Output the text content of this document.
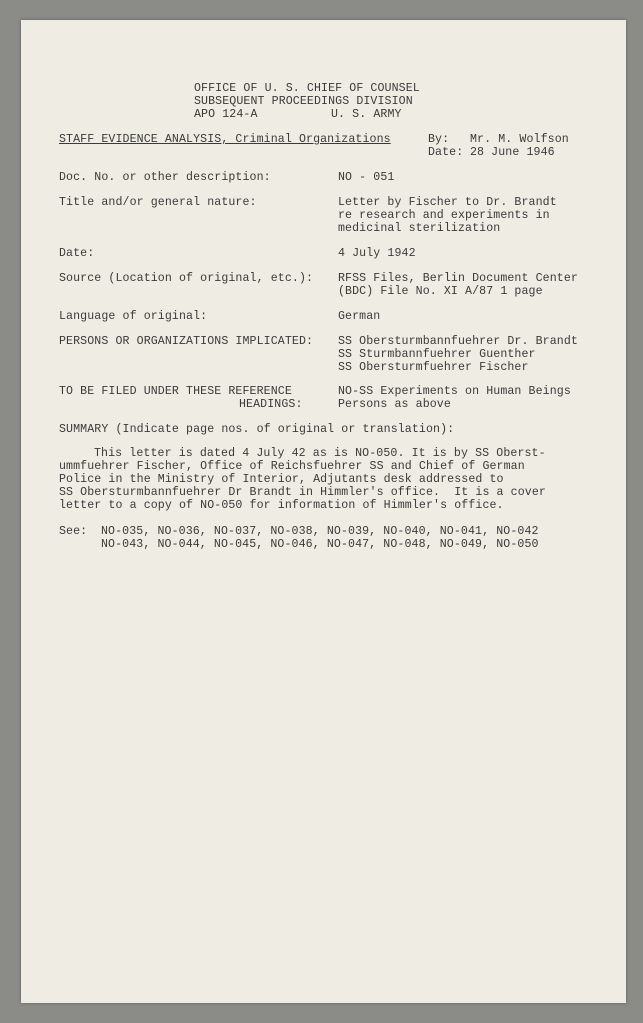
OFFICE OF U. S. CHIEF OF COUNSEL
SUBSEQUENT PROCEEDINGS DIVISION
APO 124-A	U. S. ARMY
STAFF EVIDENCE ANALYSIS, Criminal Organizations	By: Mr. M. Wolfson
Date: 28 June 1946
Doc. No. or other description:	NO - 051
Title and/or general nature:	Letter by Fischer to Dr. Brandt
re research and experiments in
medicinal sterilization
Date:	4 July 1942
Source (Location of original, etc.): RFSS Files, Berlin Document Center
(BDC) File No. XI A/87 1 page
Language of original:	German
PERSONS OR ORGANIZATIONS IMPLICATED: SS Obersturmbannfuehrer Dr. Brandt
SS Sturmbannfuehrer Guenther
SS Obersturmfuehrer Fischer
TO BE FILED UNDER THESE REFERENCE
HEADINGS:
NO-SS Experiments on Human Beings
Persons as above
SUMMARY (Indicate page nos. of original or translation):
This letter is dated 4 July 42 as is NO-050. It is by SS Oberst-
ummfuehrer Fischer, Office of Reichsfuehrer SS and Chief of German
Police in the Ministry of Interior, Adjutants desk addressed to
SS Obersturmbannfuehrer Dr Brandt in Himmler's office.  It is a cover
letter to a copy of NO-050 for information of Himmler's office.
See: NO-035, NO-036, NO-037, NO-038, NO-039, NO-040, NO-041, NO-042
NO-043, NO-044, NO-045, NO-046, NO-047, NO-048, NO-049, NO-050
